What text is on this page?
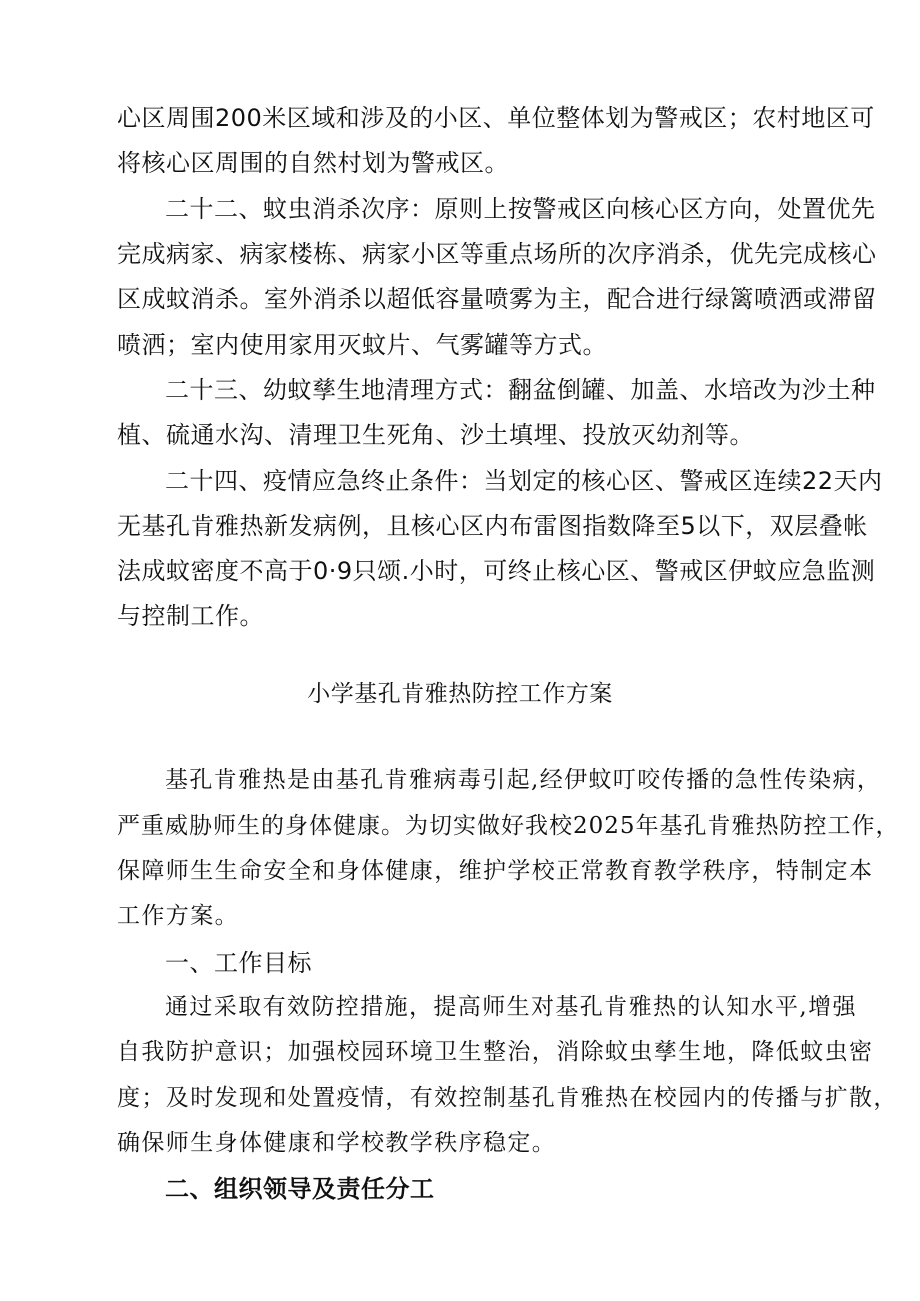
心区周围200米区域和涉及的小区、单位整体划为警戒区；农村地区可
将核心区周围的自然村划为警戒区。
二十二、蚊虫消杀次序：原则上按警戒区向核心区方向，处置优先
完成病家、病家楼栋、病家小区等重点场所的次序消杀，优先完成核心
区成蚊消杀。室外消杀以超低容量喷雾为主，配合进行绿篱喷洒或滞留
喷洒；室内使用家用灭蚊片、气雾罐等方式。
二十三、幼蚊孳生地清理方式：翻盆倒罐、加盖、水培改为沙土种
植、硫通水沟、清理卫生死角、沙土填埋、投放灭幼剂等。
二十四、疫情应急终止条件：当划定的核心区、警戒区连续22天内
无基孔肯雅热新发病例，且核心区内布雷图指数降至5以下，双层叠帐
法成蚊密度不高于0·9只颂.小时，可终止核心区、警戒区伊蚊应急监测
与控制工作。
小学基孔肯雅热防控工作方案
基孔肯雅热是由基孔肯雅病毒引起,经伊蚊叮咬传播的急性传染病，
严重威胁师生的身体健康。为切实做好我校2025年基孔肯雅热防控工作，
保障师生生命安全和身体健康，维护学校正常教育教学秩序，特制定本
工作方案。
一、工作目标
通过采取有效防控措施，提高师生对基孔肯雅热的认知水平,增强
自我防护意识；加强校园环境卫生整治，消除蚊虫孳生地，降低蚊虫密
度；及时发现和处置疫情，有效控制基孔肯雅热在校园内的传播与扩散，
确保师生身体健康和学校教学秩序稳定。
二、组织领导及责任分工
